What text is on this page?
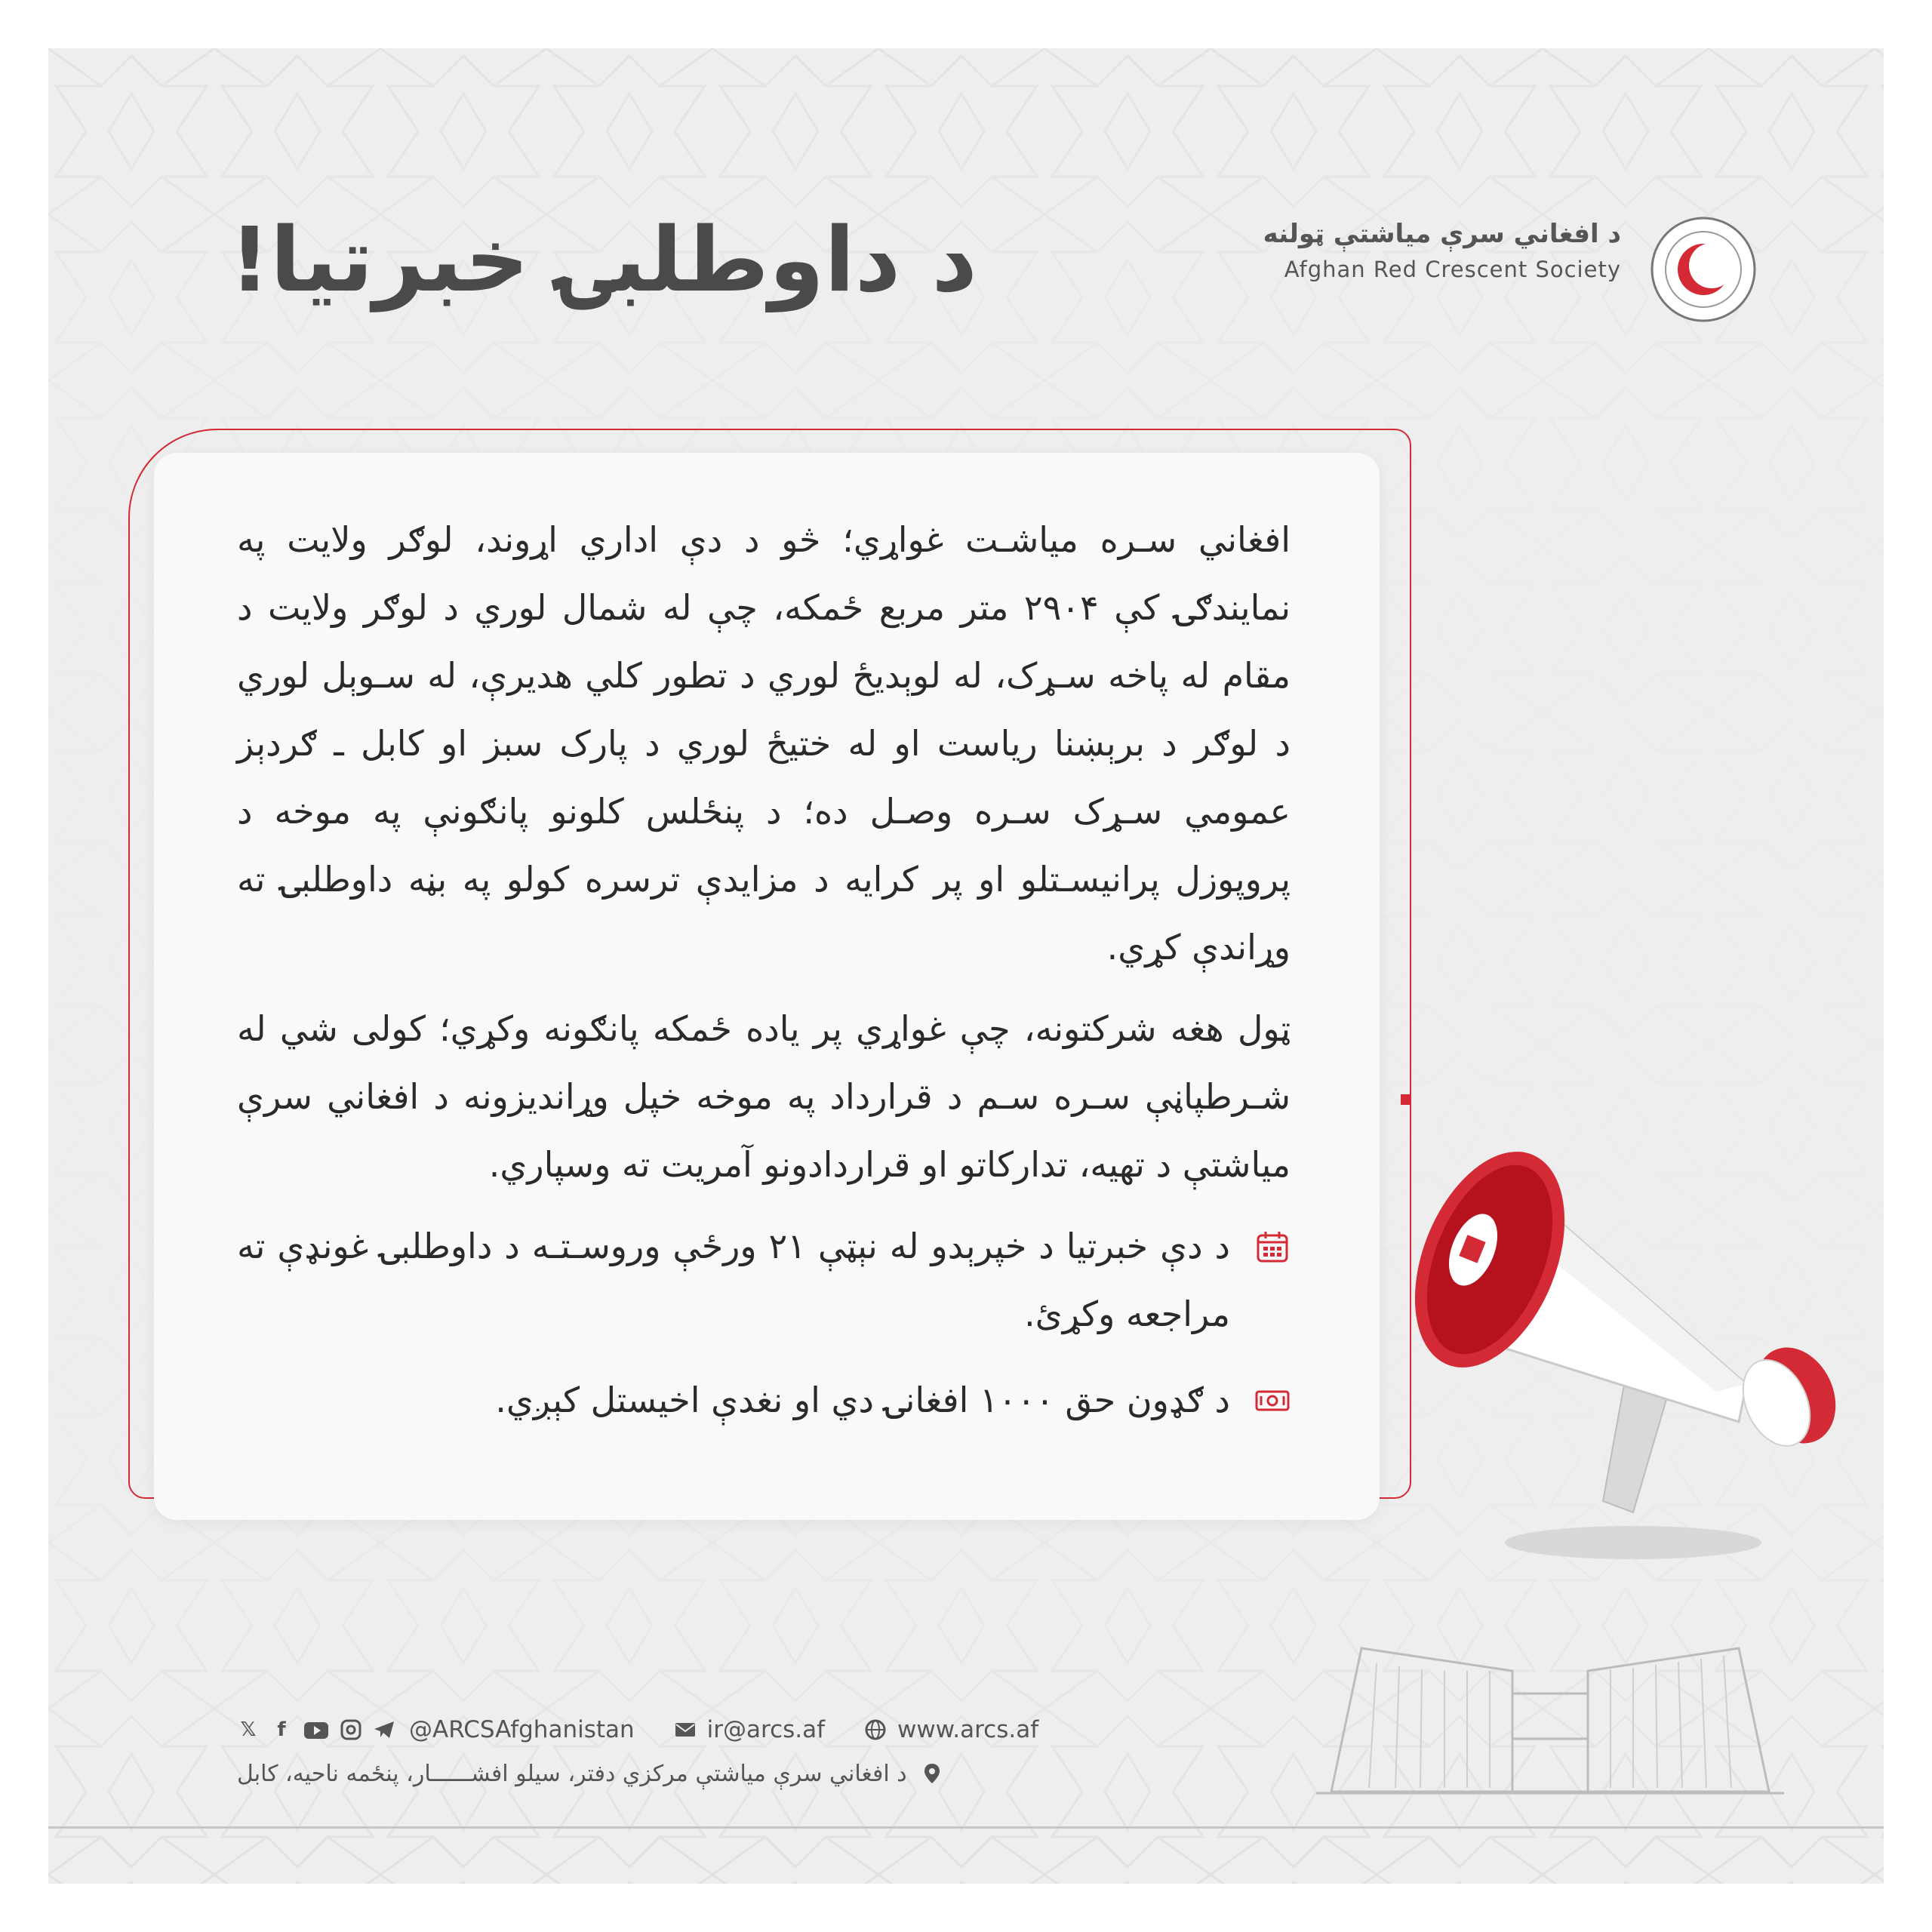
د داوطلبۍ خبرتیا!	د افغاني سرې میاشتې ټولنه
Afghan Red Crescent Society

افغاني سـره میاشـت غواړي؛ څو د دې اداري اړوند، لوګر ولایت په نمایندګۍ کې ۲۹۰۴ متر مربع ځمکه، چې له شمال لوري د لوګر ولایت د مقام له پاخه سـړک، له لوېديځ لوري د تطور کلي هدیرې، له سـوېل لوري د لوګر د برېښنا ریاست او له ختيځ لوري د پارک سبز او کابل ـ ګردېز عمومي سـړک سـره وصـل ده؛ د پنځلس کلونو پانګونې په موخه د پروپوزل پرانیسـتلو او پر کرایه د مزایدې ترسره کولو په بڼه داوطلبۍ ته وړاندې کړي.

ټول هغه شرکتونه، چې غواړي پر یاده ځمکه پانګونه وکړي؛ کولی شي له شـرطپاڼې سـره سـم د قرارداد په موخه خپل وړاندیزونه د افغاني سرې میاشتې د تهیه، تدارکاتو او قراردادونو آمریت ته وسپاري.

د دې خبرتیا د خپرېدو له نېټې ۲۱ ورځې وروسـتـه د داوطلبۍ غونډې ته مراجعه وکړئ.
د ګډون حق ۱۰۰۰ افغانۍ دي او نغدې اخیستل کېږي.
𝕏	f	@ARCSAfghanistan	ir@arcs.af	www.arcs.af
د افغاني سرې میاشتې مرکزي دفتر، سیلو افشــــــار، پنځمه ناحیه، کابل
